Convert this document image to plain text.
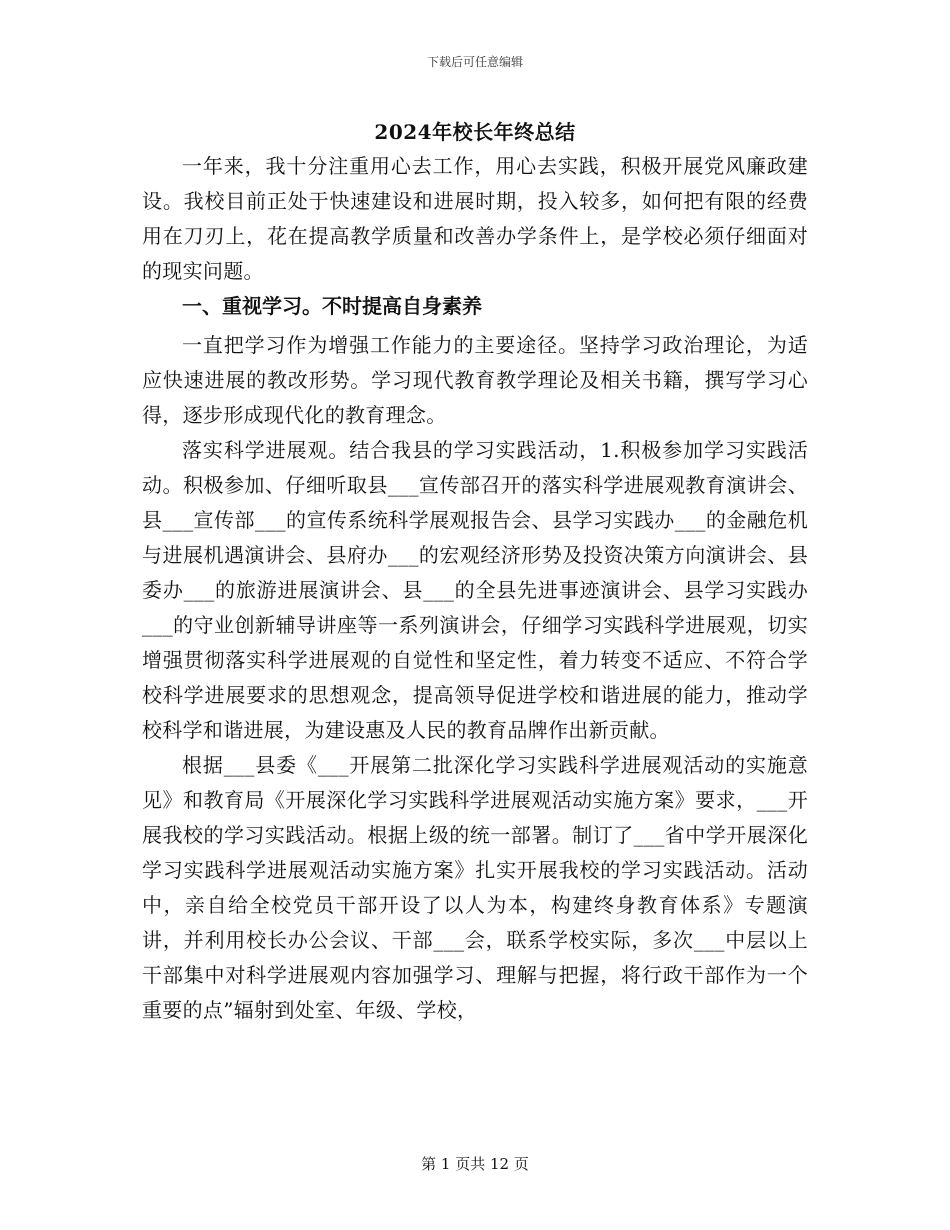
下载后可任意编辑
2024年校长年终总结

一年来，我十分注重用心去工作，用心去实践，积极开展党风廉政建设。我校目前正处于快速建设和进展时期，投入较多，如何把有限的经费用在刀刃上，花在提高教学质量和改善办学条件上，是学校必须仔细面对的现实问题。

一、重视学习。不时提高自身素养

一直把学习作为增强工作能力的主要途径。坚持学习政治理论，为适应快速进展的教改形势。学习现代教育教学理论及相关书籍，撰写学习心得，逐步形成现代化的教育理念。

落实科学进展观。结合我县的学习实践活动，1.积极参加学习实践活动。积极参加、仔细听取县___宣传部召开的落实科学进展观教育演讲会、县___宣传部___的宣传系统科学展观报告会、县学习实践办___的金融危机与进展机遇演讲会、县府办___的宏观经济形势及投资决策方向演讲会、县委办___的旅游进展演讲会、县___的全县先进事迹演讲会、县学习实践办___的守业创新辅导讲座等一系列演讲会，仔细学习实践科学进展观，切实增强贯彻落实科学进展观的自觉性和坚定性，着力转变不适应、不符合学校科学进展要求的思想观念，提高领导促进学校和谐进展的能力，推动学校科学和谐进展，为建设惠及人民的教育品牌作出新贡献。

根据___县委《___开展第二批深化学习实践科学进展观活动的实施意见》和教育局《开展深化学习实践科学进展观活动实施方案》要求，___开展我校的学习实践活动。根据上级的统一部署。制订了___省中学开展深化学习实践科学进展观活动实施方案》扎实开展我校的学习实践活动。活动中，亲自给全校党员干部开设了以人为本，构建终身教育体系》专题演讲，并利用校长办公会议、干部___会，联系学校实际，多次___中层以上干部集中对科学进展观内容加强学习、理解与把握，将行政干部作为一个重要的点”辐射到处室、年级、学校，

第 1 页共 12 页
